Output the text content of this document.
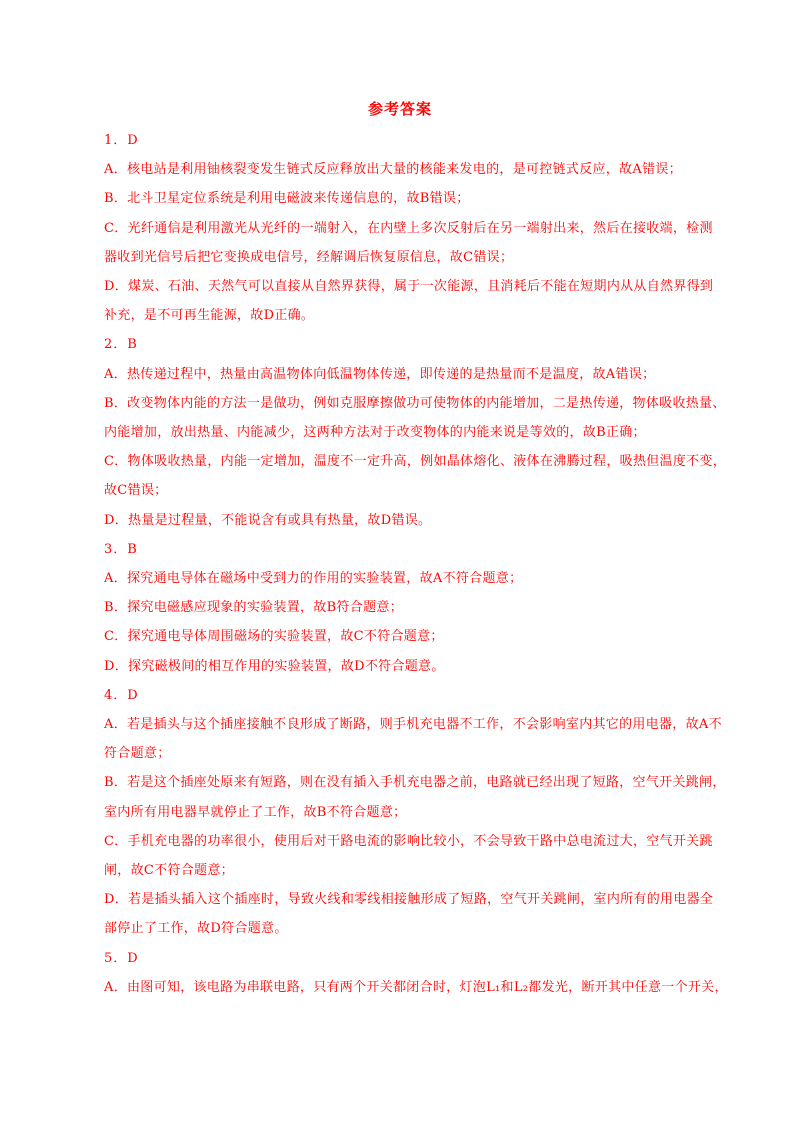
参考答案

1．D

A．核电站是利用铀核裂变发生链式反应释放出大量的核能来发电的，是可控链式反应，故A错误；

B．北斗卫星定位系统是利用电磁波来传递信息的，故B错误；

C．光纤通信是利用激光从光纤的一端射入，在内壁上多次反射后在另一端射出来，然后在接收端，检测

器收到光信号后把它变换成电信号，经解调后恢复原信息，故C错误；

D．煤炭、石油、天然气可以直接从自然界获得，属于一次能源，且消耗后不能在短期内从从自然界得到

补充，是不可再生能源，故D正确。

2．B

A．热传递过程中，热量由高温物体向低温物体传递，即传递的是热量而不是温度，故A错误；

B．改变物体内能的方法一是做功，例如克服摩擦做功可使物体的内能增加，二是热传递，物体吸收热量、

内能增加，放出热量、内能减少，这两种方法对于改变物体的内能来说是等效的，故B正确；

C．物体吸收热量，内能一定增加，温度不一定升高，例如晶体熔化、液体在沸腾过程，吸热但温度不变，

故C错误；

D．热量是过程量，不能说含有或具有热量，故D错误。

3．B

A．探究通电导体在磁场中受到力的作用的实验装置，故A不符合题意；

B．探究电磁感应现象的实验装置，故B符合题意；

C．探究通电导体周围磁场的实验装置，故C不符合题意；

D．探究磁极间的相互作用的实验装置，故D不符合题意。

4．D

A．若是插头与这个插座接触不良形成了断路，则手机充电器不工作，不会影响室内其它的用电器，故A不

符合题意；

B．若是这个插座处原来有短路，则在没有插入手机充电器之前，电路就已经出现了短路，空气开关跳闸，

室内所有用电器早就停止了工作，故B不符合题意；

C．手机充电器的功率很小，使用后对干路电流的影响比较小，不会导致干路中总电流过大，空气开关跳

闸，故C不符合题意；

D．若是插头插入这个插座时，导致火线和零线相接触形成了短路，空气开关跳闸，室内所有的用电器全

部停止了工作，故D符合题意。

5．D

A．由图可知，该电路为串联电路，只有两个开关都闭合时，灯泡L₁和L₂都发光，断开其中任意一个开关，
